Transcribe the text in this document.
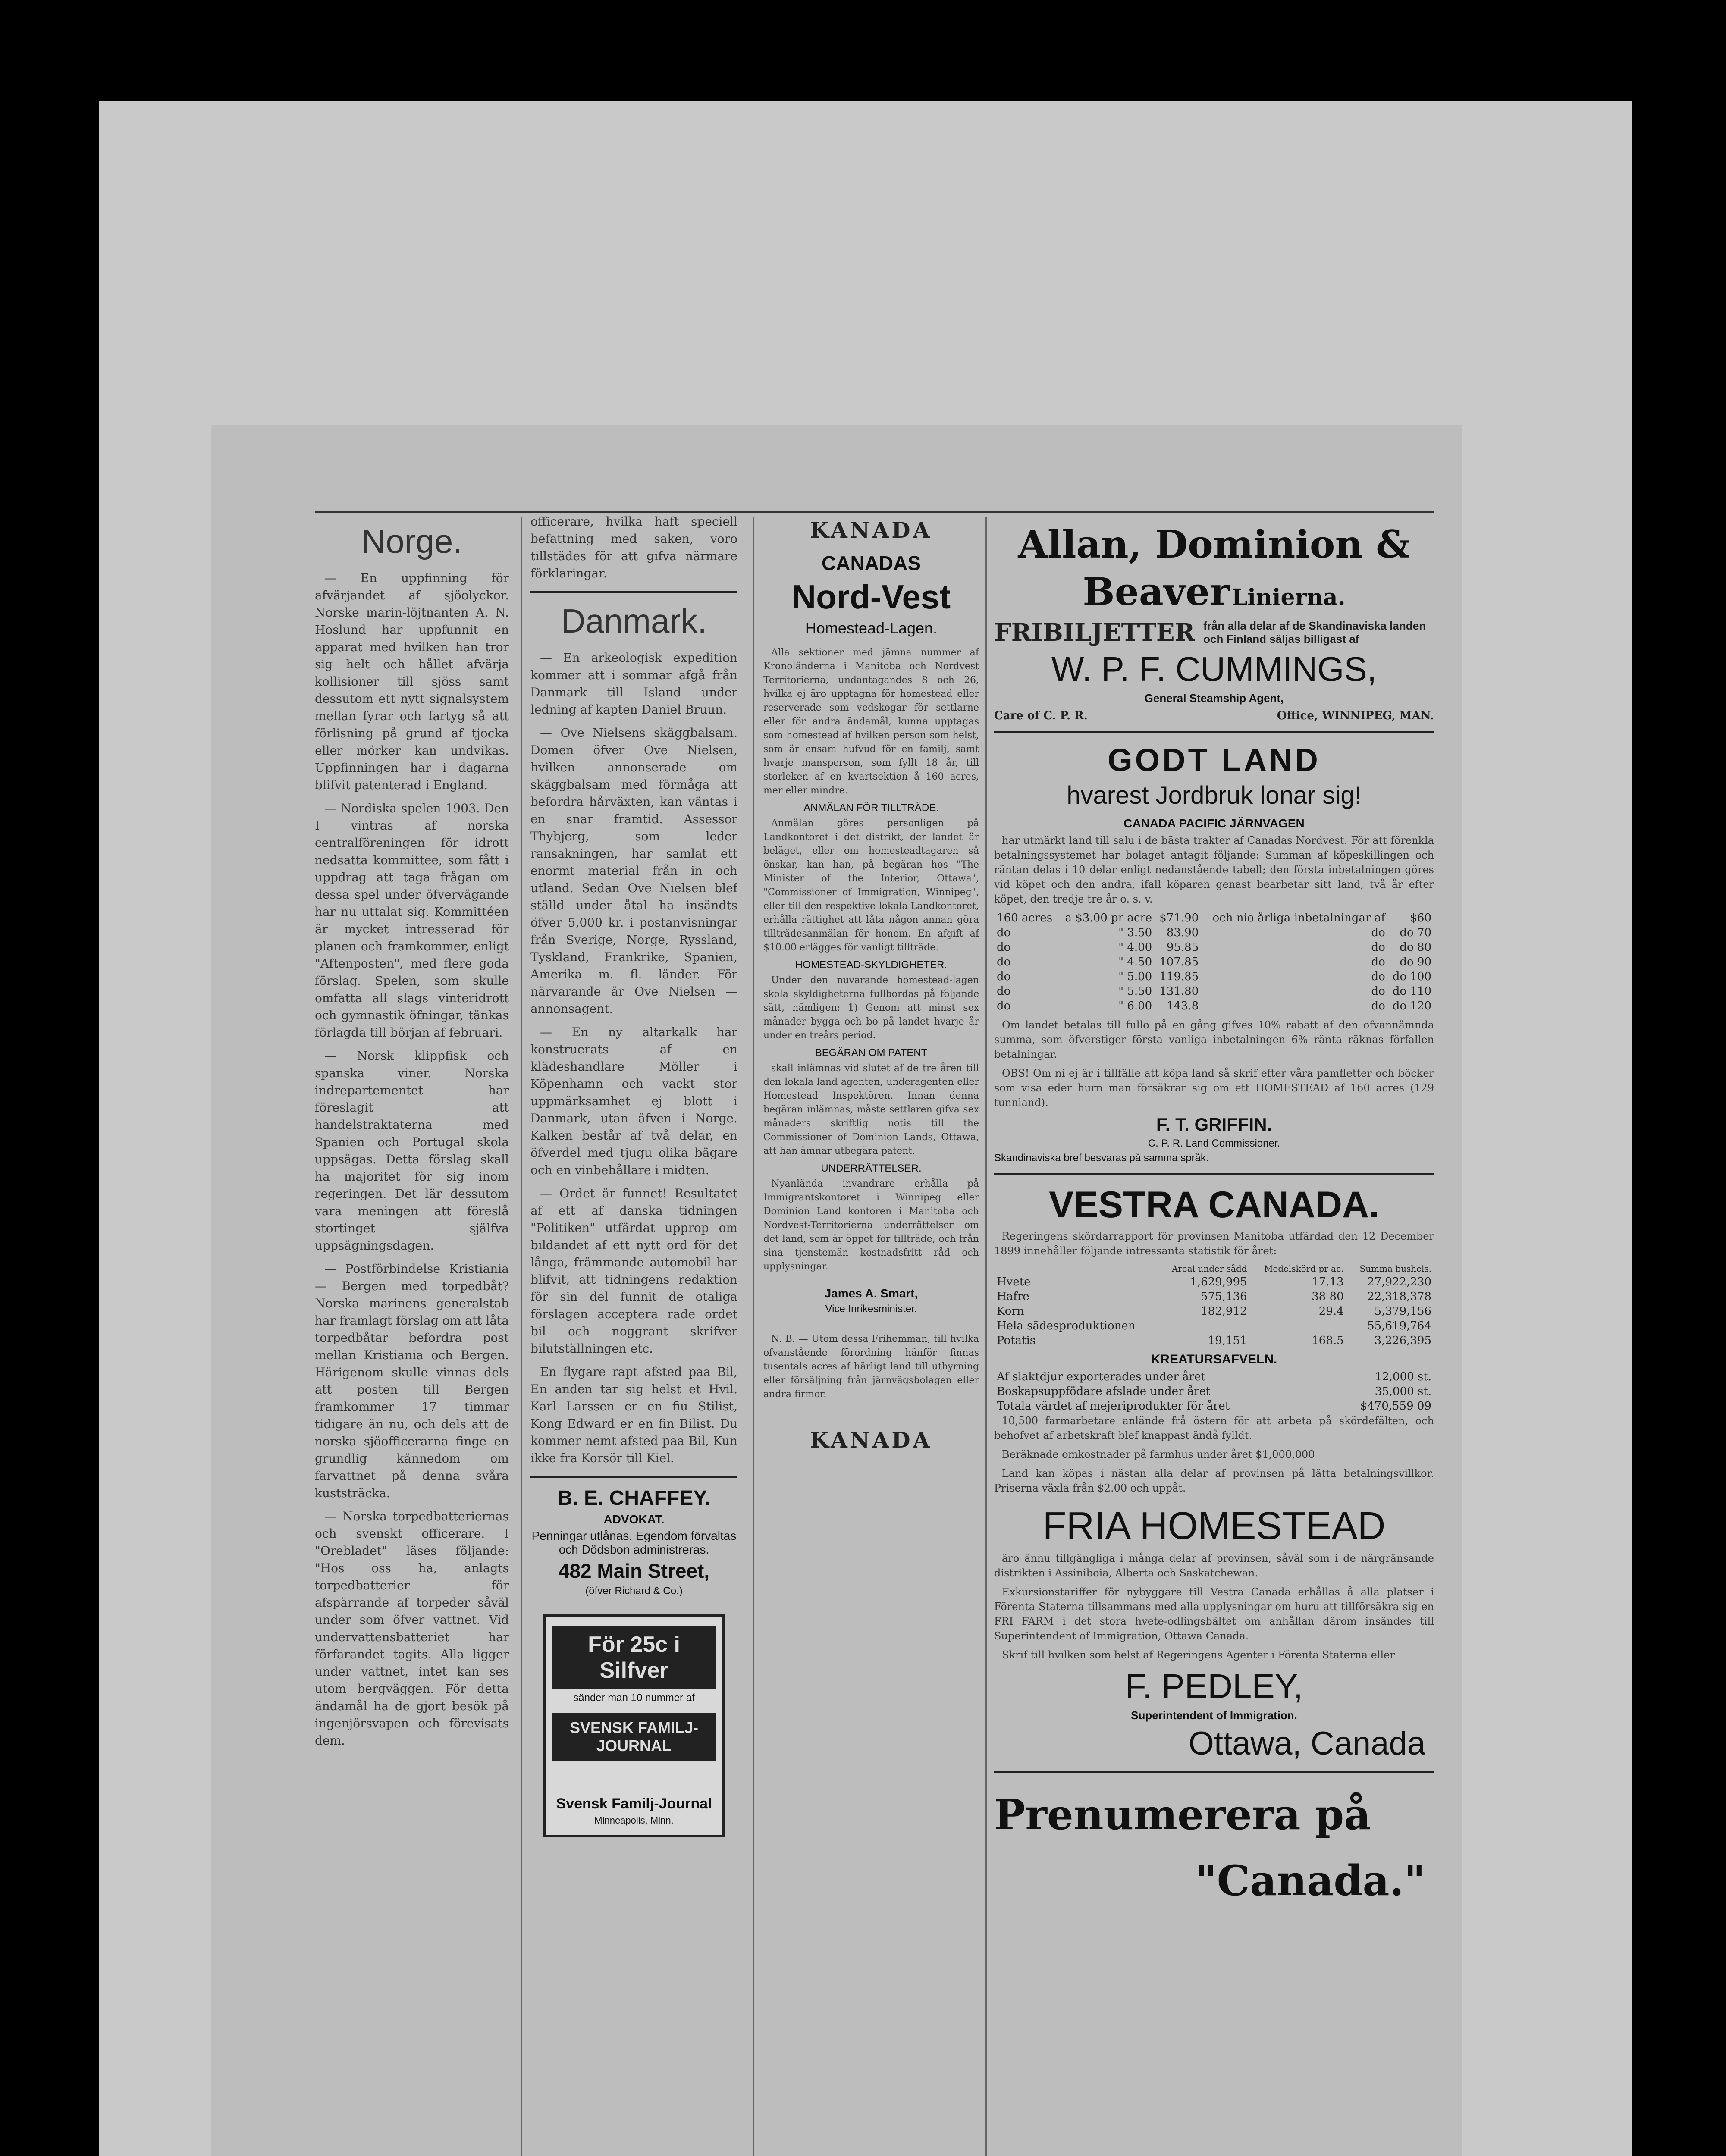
Norge.

— En uppfinning för afvärjandet af sjöolyckor. Norske marin-löjtnanten A. N. Hoslund har uppfunnit en apparat med hvilken han tror sig helt och hållet afvärja kollisioner till sjöss samt dessutom ett nytt signalsystem mellan fyrar och fartyg så att förlisning på grund af tjocka eller mörker kan undvikas. Uppfinningen har i dagarna blifvit patenterad i England.

— Nordiska spelen 1903. Den I vintras af norska centralföreningen för idrott nedsatta kommittee, som fått i uppdrag att taga frågan om dessa spel under öfvervägande har nu uttalat sig. Kommittéen är mycket intresserad för planen och framkommer, enligt "Aftenposten", med flere goda förslag. Spelen, som skulle omfatta all slags vinteridrott och gymnastik öfningar, tänkas förlagda till början af februari.

— Norsk klippfisk och spanska viner. Norska indrepartementet har föreslagit att handelstraktaterna med Spanien och Portugal skola uppsägas. Detta förslag skall ha majoritet för sig inom regeringen. Det lär dessutom vara meningen att föreslå stortinget själfva uppsägningsdagen.

— Postförbindelse Kristiania — Bergen med torpedbåt? Norska marinens generalstab har framlagt förslag om att låta torpedbåtar befordra post mellan Kristiania och Bergen. Härigenom skulle vinnas dels att posten till Bergen framkommer 17 timmar tidigare än nu, och dels att de norska sjöofficerarna finge en grundlig kännedom om farvattnet på denna svåra kuststräcka.

— Norska torpedbatteriernas och svenskt officerare. I "Orebladet" läses följande: "Hos oss ha, anlagts torpedbatterier för afspärrande af torpeder såväl under som öfver vattnet. Vid undervattensbatteriet har förfarandet tagits. Alla ligger under vattnet, intet kan ses utom bergväggen. För detta ändamål ha de gjort besök på ingenjörsvapen och förevisats dem.

officerare, hvilka haft speciell befattning med saken, voro tillstädes för att gifva närmare förklaringar.

Danmark.

— En arkeologisk expedition kommer att i sommar afgå från Danmark till Island under ledning af kapten Daniel Bruun.

— Ove Nielsens skäggbalsam. Domen öfver Ove Nielsen, hvilken annonserade om skäggbalsam med förmåga att befordra hårväxten, kan väntas i en snar framtid. Assessor Thybjerg, som leder ransakningen, har samlat ett enormt material från in och utland. Sedan Ove Nielsen blef ställd under åtal ha insändts öfver 5,000 kr. i postanvisningar från Sverige, Norge, Ryssland, Tyskland, Frankrike, Spanien, Amerika m. fl. länder. För närvarande är Ove Nielsen — annonsagent.

— En ny altarkalk har konstruerats af en klädeshandlare Möller i Köpenhamn och vackt stor uppmärksamhet ej blott i Danmark, utan äfven i Norge. Kalken består af två delar, en öfverdel med tjugu olika bägare och en vinbehållare i midten.

— Ordet är funnet! Resultatet af ett af danska tidningen "Politiken" utfärdat upprop om bildandet af ett nytt ord för det långa, främmande automobil har blifvit, att tidningens redaktion för sin del funnit de otaliga förslagen acceptera rade ordet bil och noggrant skrifver bilutställningen etc.

En flygare rapt afsted paa Bil, En anden tar sig helst et Hvil. Karl Larssen er en fiu Stilist, Kong Edward er en fin Bilist. Du kommer nemt afsted paa Bil, Kun ikke fra Korsör till Kiel.

B. E. CHAFFEY.
ADVOKAT.
Penningar utlånas. Egendom förvaltas och Dödsbon administreras.
482 Main Street,
(öfver Richard & Co.)
För 25c i Silfver
sänder man 10 nummer af
SVENSK FAMILJ-JOURNAL
Svensk Familj-Journal
Minneapolis, Minn.
KANADA
CANADAS
Nord-Vest
Homestead-Lagen.

Alla sektioner med jämna nummer af Kronoländerna i Manitoba och Nordvest Territorierna, undantagandes 8 och 26, hvilka ej äro upptagna för homestead eller reserverade som vedskogar för settlarne eller för andra ändamål, kunna upptagas som homestead af hvilken person som helst, som är ensam hufvud för en familj, samt hvarje mansperson, som fyllt 18 år, till storleken af en kvartsektion å 160 acres, mer eller mindre.

ANMÄLAN FÖR TILLTRÄDE.

Anmälan göres personligen på Landkontoret i det distrikt, der landet är beläget, eller om homesteadtagaren så önskar, kan han, på begäran hos "The Minister of the Interior, Ottawa", "Commissioner of Immigration, Winnipeg", eller till den respektive lokala Landkontoret, erhålla rättighet att låta någon annan göra tillträdesanmälan för honom. En afgift af $10.00 erlägges för vanligt tillträde.

HOMESTEAD-SKYLDIGHETER.

Under den nuvarande homestead-lagen skola skyldigheterna fullbordas på följande sätt, nämligen: 1) Genom att minst sex månader bygga och bo på landet hvarje år under en treårs period.

BEGÄRAN OM PATENT

skall inlämnas vid slutet af de tre åren till den lokala land agenten, underagenten eller Homestead Inspektören. Innan denna begäran inlämnas, måste settlaren gifva sex månaders skriftlig notis till the Commissioner of Dominion Lands, Ottawa, att han ämnar utbegära patent.

UNDERRÄTTELSER.

Nyanlända invandrare erhålla på Immigrantskontoret i Winnipeg eller Dominion Land kontoren i Manitoba och Nordvest-Territorierna underrättelser om det land, som är öppet för tillträde, och från sina tjenstemän kostnadsfritt råd och upplysningar.

James A. Smart,
Vice Inrikesminister.

N. B. — Utom dessa Frihemman, till hvilka ofvanstående förordning hänför finnas tusentals acres af härligt land till uthyrning eller försäljning från järnvägsbolagen eller andra firmor.

KANADA
Allan, Dominion &
Beaver Linierna.
FRIBILJETTER från alla delar af de Skandinaviska landen och Finland säljas billigast af
W. P. F. CUMMINGS,
General Steamship Agent,
Care of C. P. R.	Office, WINNIPEG, MAN.
GODT LAND
hvarest Jordbruk lonar sig!
CANADA PACIFIC JÄRNVAGEN

har utmärkt land till salu i de bästa trakter af Canadas Nordvest. För att förenkla betalningssystemet har bolaget antagit följande: Summan af köpeskillingen och räntan delas i 10 delar enligt nedanstående tabell; den första inbetalningen göres vid köpet och den andra, ifall köparen genast bearbetar sitt land, två år efter köpet, den tredje tre år o. s. v.

160 acres	a $3.00 pr acre	$71.90	och nio årliga inbetalningar af	$60
do	" 3.50	83.90	do	do 70
do	" 4.00	95.85	do	do 80
do	" 4.50	107.85	do	do 90
do	" 5.00	119.85	do	do 100
do	" 5.50	131.80	do	do 110
do	" 6.00	143.8	do	do 120

Om landet betalas till fullo på en gång gifves 10% rabatt af den ofvannämnda summa, som öfverstiger första vanliga inbetalningen 6% ränta räknas förfallen betalningar.

OBS! Om ni ej är i tillfälle att köpa land så skrif efter våra pamfletter och böcker som visa eder hurn man försäkrar sig om ett HOMESTEAD af 160 acres (129 tunnland).

F. T. GRIFFIN.
C. P. R. Land Commissioner.
Skandinaviska bref besvaras på samma språk.
VESTRA CANADA.

Regeringens skördarrapport för provinsen Manitoba utfärdad den 12 December 1899 innehåller följande intressanta statistik för året:

	Areal under sådd	Medelskörd pr ac.	Summa bushels.
Hvete	1,629,995	17.13	27,922,230
Hafre	575,136	38 80	22,318,378
Korn	182,912	29.4	5,379,156
Hela sädesproduktionen			55,619,764
Potatis	19,151	168.5	3,226,395
KREATURSAFVELN.
Af slaktdjur exporterades under året	12,000 st.
Boskapsuppfödare afslade under året	35,000 st.
Totala värdet af mejeriprodukter för året	$470,559 09

10,500 farmarbetare anlände frå östern för att arbeta på skördefälten, och behofvet af arbetskraft blef knappast ändå fylldt.

Beräknade omkostnader på farmhus under året $1,000,000

Land kan köpas i nästan alla delar af provinsen på lätta betalningsvillkor. Priserna växla från $2.00 och uppåt.

FRIA HOMESTEAD

äro ännu tillgängliga i många delar af provinsen, såväl som i de närgränsande distrikten i Assiniboia, Alberta och Saskatchewan.

Exkursionstariffer för nybyggare till Vestra Canada erhållas å alla platser i Förenta Staterna tillsammans med alla upplysningar om huru att tillförsäkra sig en FRI FARM i det stora hvete-odlingsbältet om anhållan därom insändes till Superintendent of Immigration, Ottawa Canada.

Skrif till hvilken som helst af Regeringens Agenter i Förenta Staterna eller

F. PEDLEY,
Superintendent of Immigration.
Ottawa, Canada
Prenumerera på
"Canada."
